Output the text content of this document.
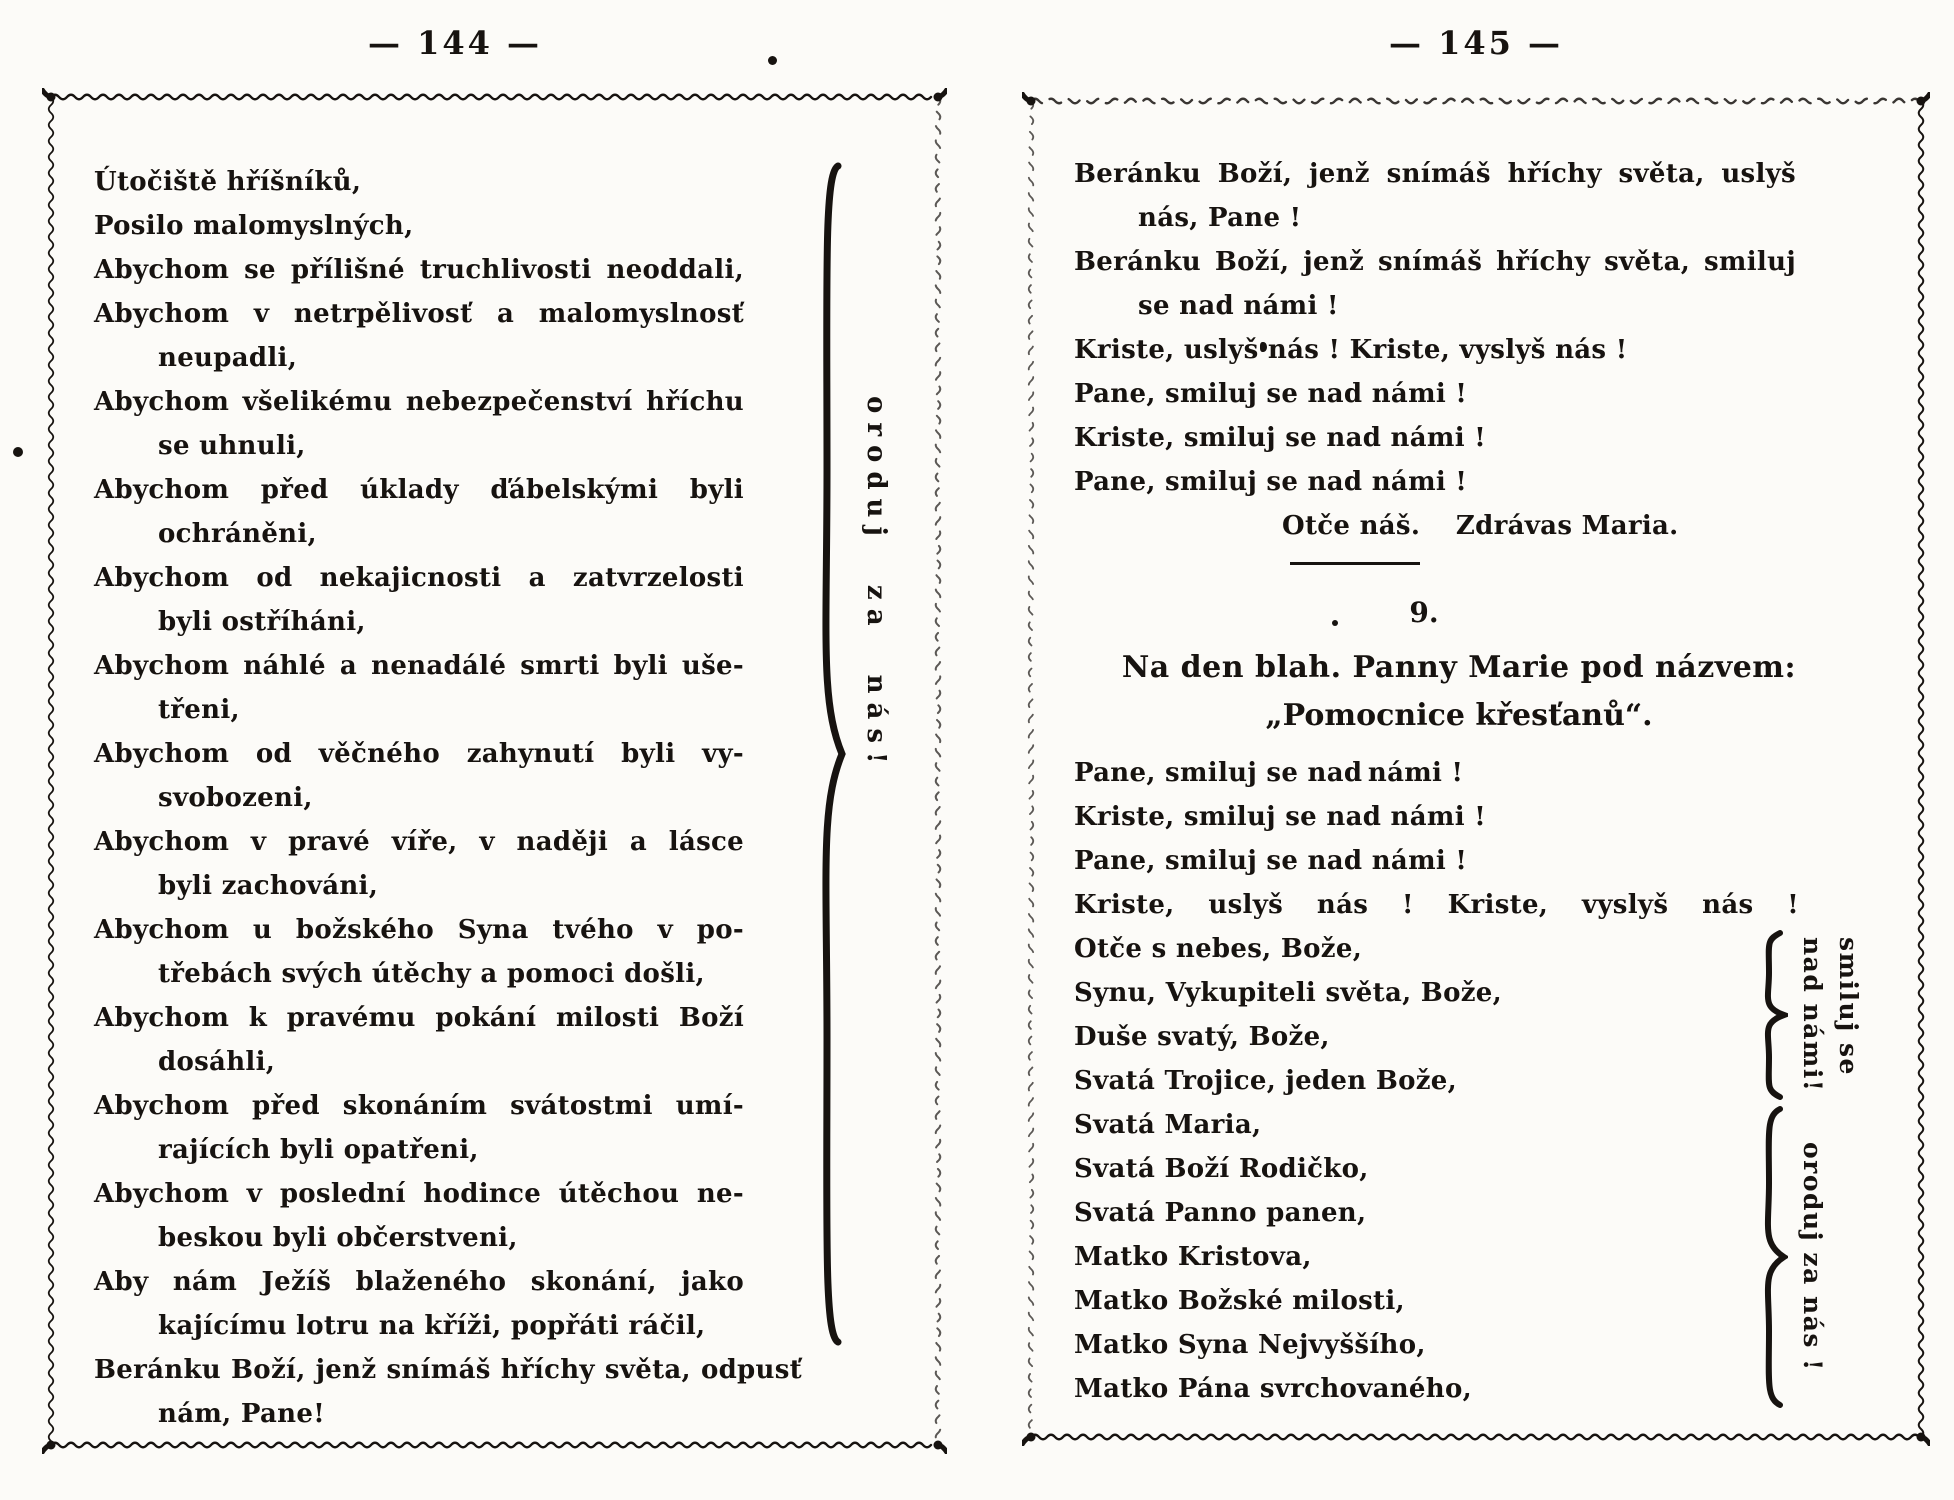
— 144 —	— 145 —
Útočiště hříšníků,
Posilo malomyslných,
Abychom se přílišné truchlivosti neoddali,
Abychom v netrpělivosť a malomyslnosť
neupadli,
Abychom všelikému nebezpečenství hříchu
se uhnuli,
Abychom před úklady ďábelskými byli
ochráněni,
Abychom od nekajicnosti a zatvrzelosti
byli ostříháni,
Abychom náhlé a nenadálé smrti byli uše-
třeni,
Abychom od věčného zahynutí byli vy-
svobozeni,
Abychom v pravé víře, v naději a lásce
byli zachováni,
Abychom u božského Syna tvého v po-
třebách svých útěchy a pomoci došli,
Abychom k pravému pokání milosti Boží
dosáhli,
Abychom před skonáním svátostmi umí-
rajících byli opatřeni,
Abychom v poslední hodince útěchou ne-
beskou byli občerstveni,
Aby nám Ježíš blaženého skonání, jako
kajícímu lotru na kříži, popřáti ráčil,
oroduj za nás!
Beránku Boží, jenž snímáš hříchy světa, odpusť
nám, Pane!
Beránku Boží, jenž snímáš hříchy světa, uslyš
nás, Pane !
Beránku Boží, jenž snímáš hříchy světa, smiluj
se nad námi !
Kriste, uslyš nás ! Kriste, vyslyš nás !
Pane, smiluj se nad námi !
Kriste, smiluj se nad námi !
Pane, smiluj se nad námi !
Otče náš.  Zdrávas Maria.
9.
Na den blah. Panny Marie pod názvem:
„Pomocnice křesťanů“.
Pane, smiluj se nad námi !
Kriste, smiluj se nad námi !
Pane, smiluj se nad námi !
Kriste, uslyš nás ! Kriste, vyslyš nás !
Otče s nebes, Bože,
Synu, Vykupiteli světa, Bože,
Duše svatý, Bože,
Svatá Trojice, jeden Bože,
smiluj se
nad námi!
Svatá Maria,
Svatá Boží Rodičko,
Svatá Panno panen,
Matko Kristova,
Matko Božské milosti,
Matko Syna Nejvyššího,
Matko Pána svrchovaného,
oroduj za nás !
